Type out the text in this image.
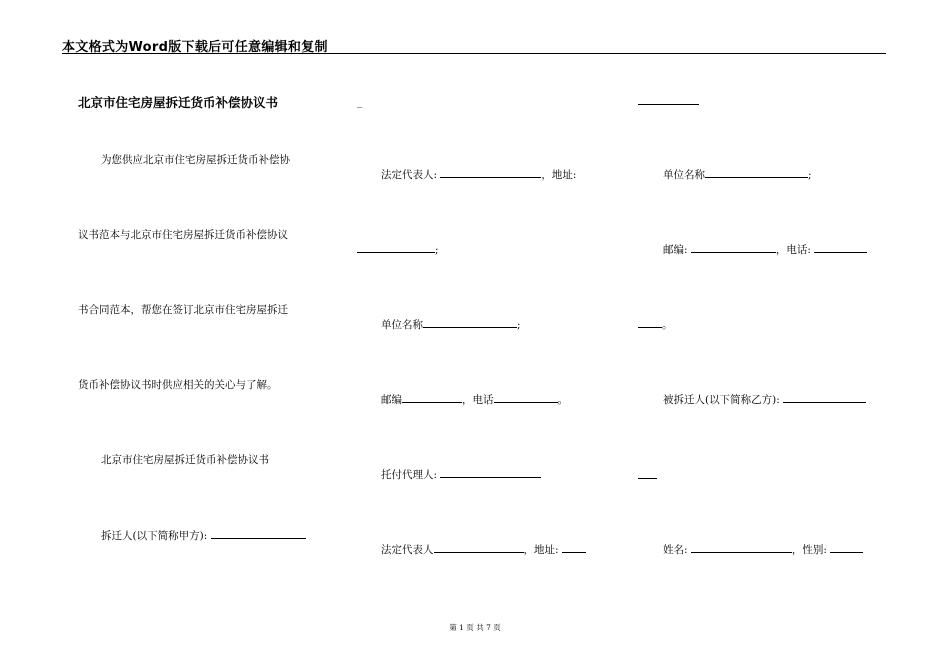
本文格式为Word版下载后可任意编辑和复制
北京市住宅房屋拆迁货币补偿协议书
为您供应北京市住宅房屋拆迁货币补偿协
议书范本与北京市住宅房屋拆迁货币补偿协议
书合同范本，帮您在签订北京市住宅房屋拆迁
货币补偿协议书时供应相关的关心与了解。
北京市住宅房屋拆迁货币补偿协议书
拆迁人(以下简称甲方):
_
法定代表人:	，地址:
;
单位名称	;
邮编	，电话	。
托付代理人:
法定代表人	，地址:
单位名称	;
邮编:	，电话:
。
被拆迁人(以下简称乙方):
姓名:	，性别:
第 1 页 共 7 页
